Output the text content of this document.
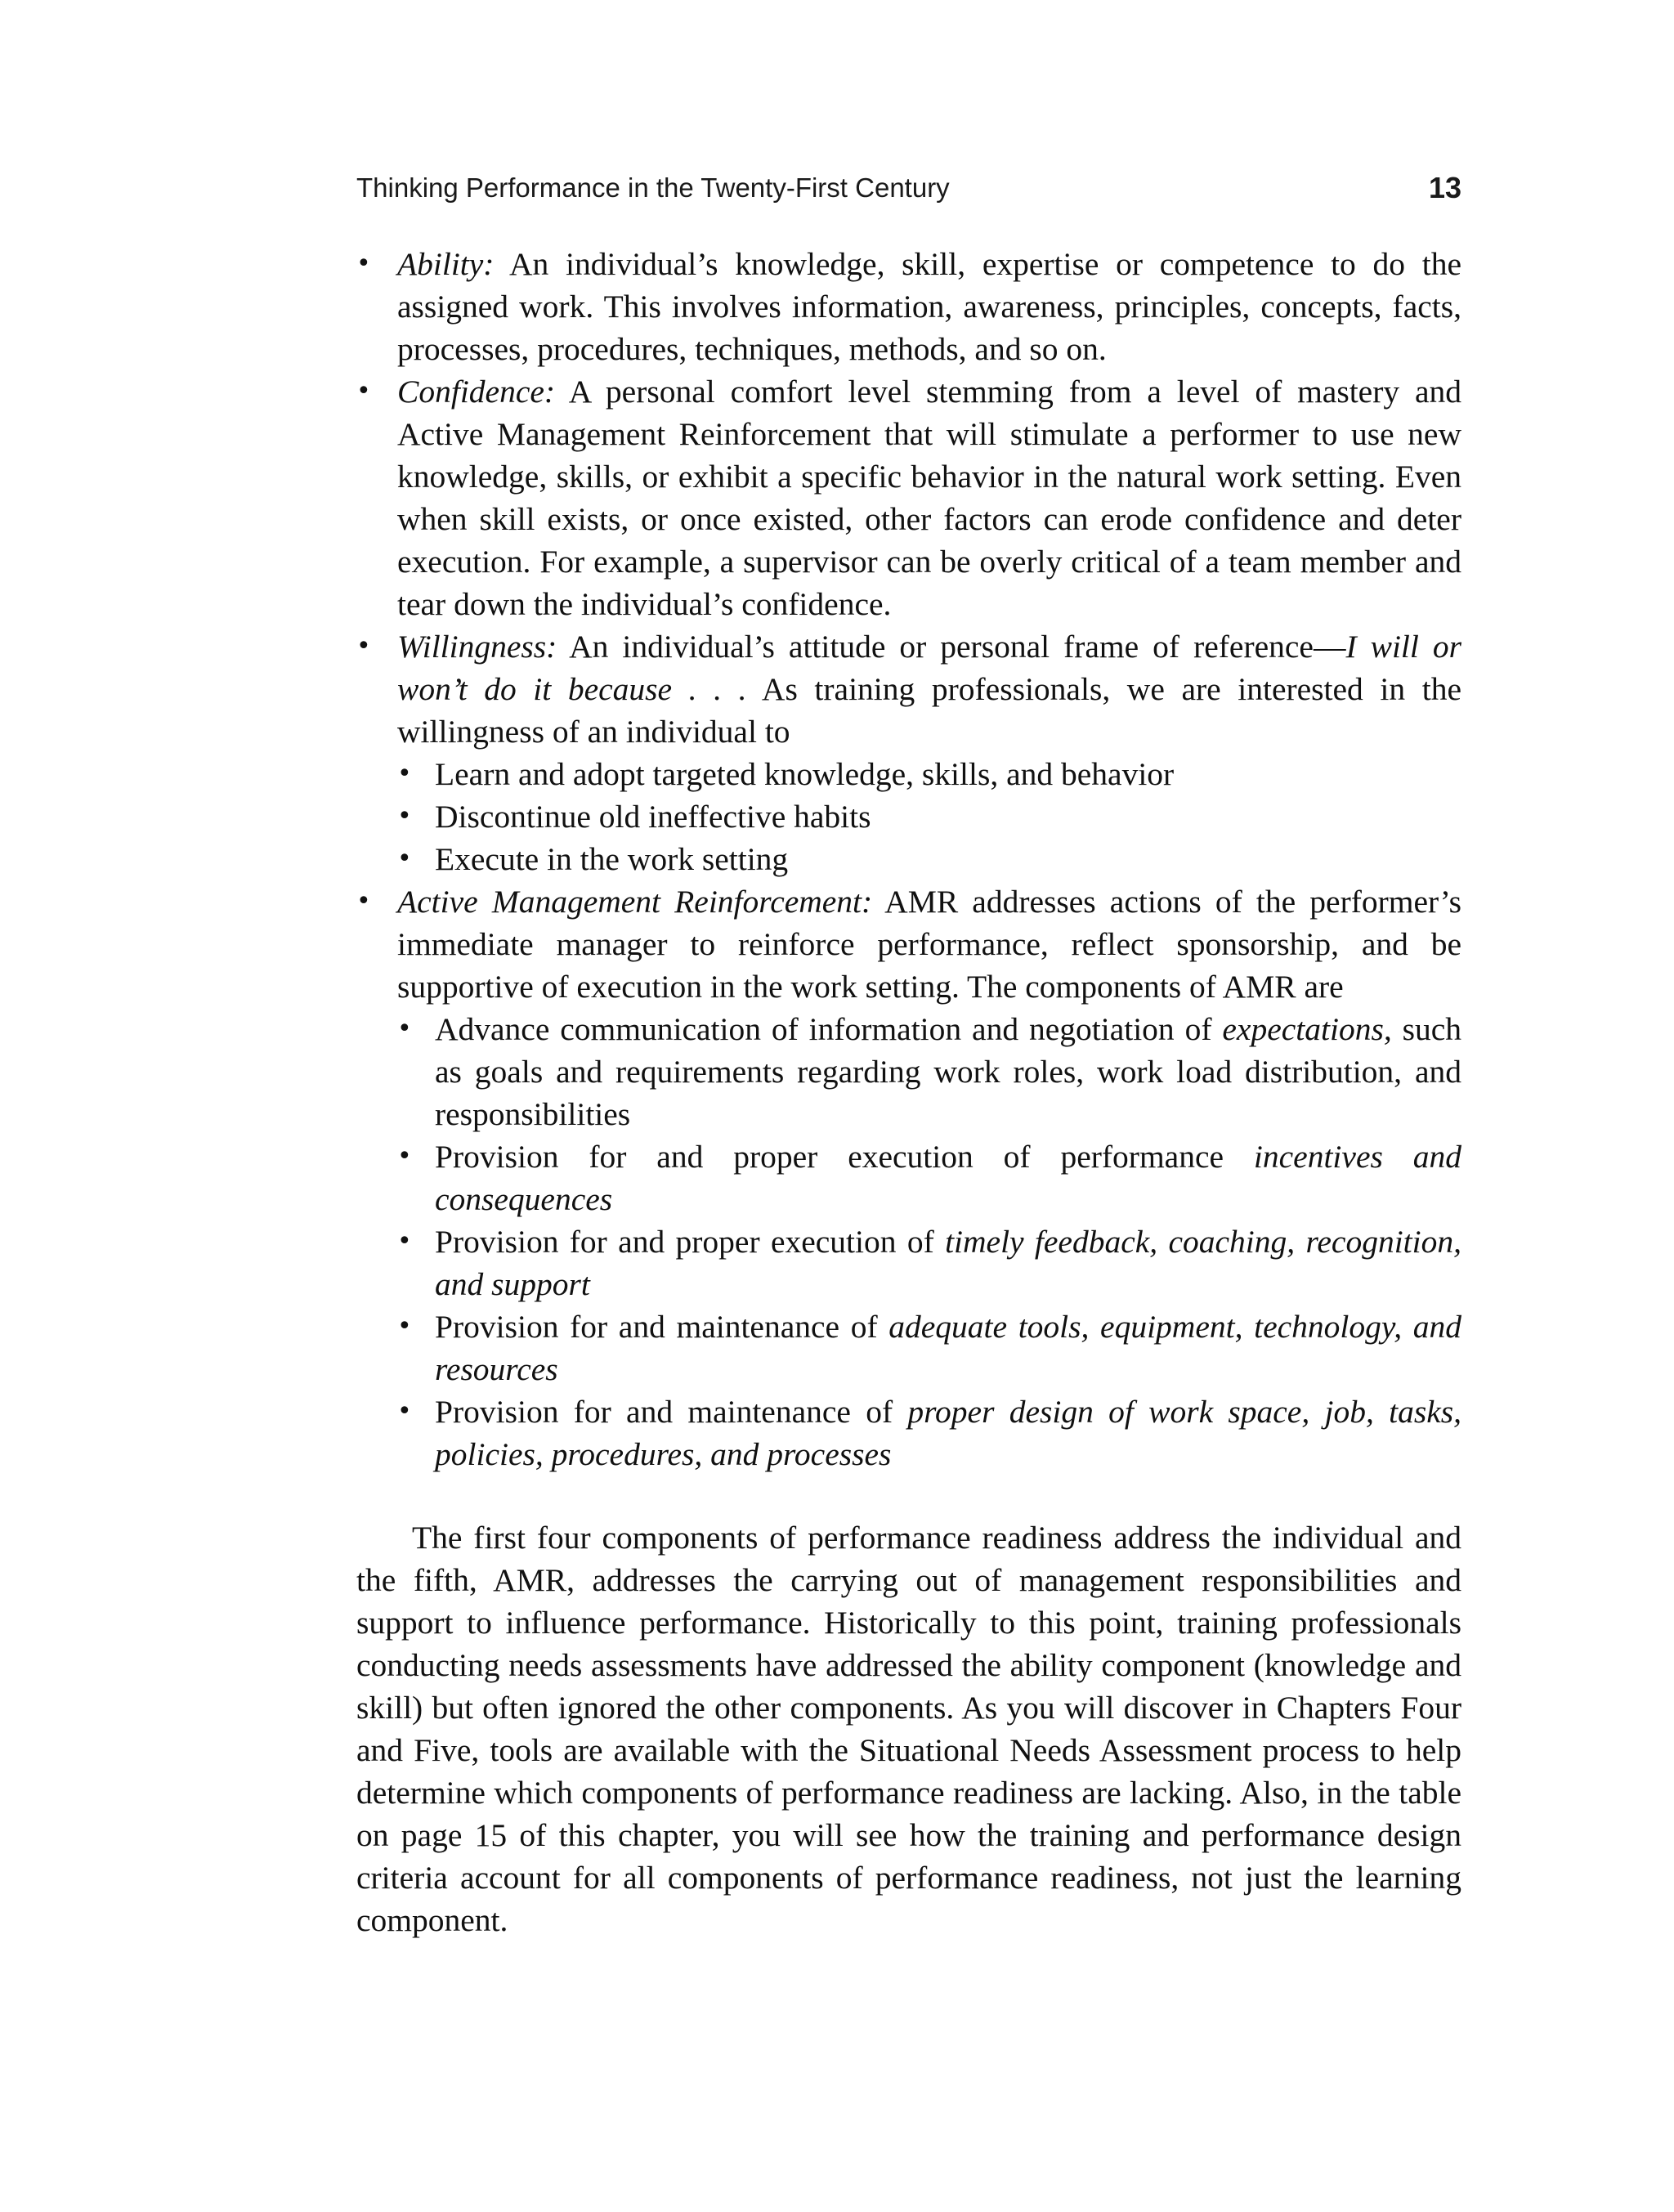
Thinking Performance in the Twenty-First Century	13
• Ability: An individual’s knowledge, skill, expertise or competence to do the assigned work. This involves information, awareness, principles, concepts, facts, processes, procedures, techniques, methods, and so on.
• Confidence: A personal comfort level stemming from a level of mastery and Active Management Reinforcement that will stimulate a performer to use new knowledge, skills, or exhibit a specific behavior in the natural work setting. Even when skill exists, or once existed, other factors can erode confidence and deter execution. For example, a supervisor can be overly critical of a team member and tear down the individual’s confidence.
• Willingness: An individual’s attitude or personal frame of reference—I will or won’t do it because . . . As training professionals, we are interested in the willingness of an individual to
• Learn and adopt targeted knowledge, skills, and behavior
• Discontinue old ineffective habits
• Execute in the work setting
• Active Management Reinforcement: AMR addresses actions of the performer’s immediate manager to reinforce performance, reflect sponsorship, and be supportive of execution in the work setting. The components of AMR are
• Advance communication of information and negotiation of expectations, such as goals and requirements regarding work roles, work load distribution, and responsibilities
• Provision for and proper execution of performance incentives and consequences
• Provision for and proper execution of timely feedback, coaching, recognition, and support
• Provision for and maintenance of adequate tools, equipment, technology, and resources
• Provision for and maintenance of proper design of work space, job, tasks, policies, procedures, and processes

The first four components of performance readiness address the individual and the fifth, AMR, addresses the carrying out of management responsibilities and support to influence performance. Historically to this point, training professionals conducting needs assessments have addressed the ability component (knowledge and skill) but often ignored the other components. As you will discover in Chapters Four and Five, tools are available with the Situational Needs Assessment process to help determine which components of performance readiness are lacking. Also, in the table on page 15 of this chapter, you will see how the training and performance design criteria account for all components of performance readiness, not just the learning component.
